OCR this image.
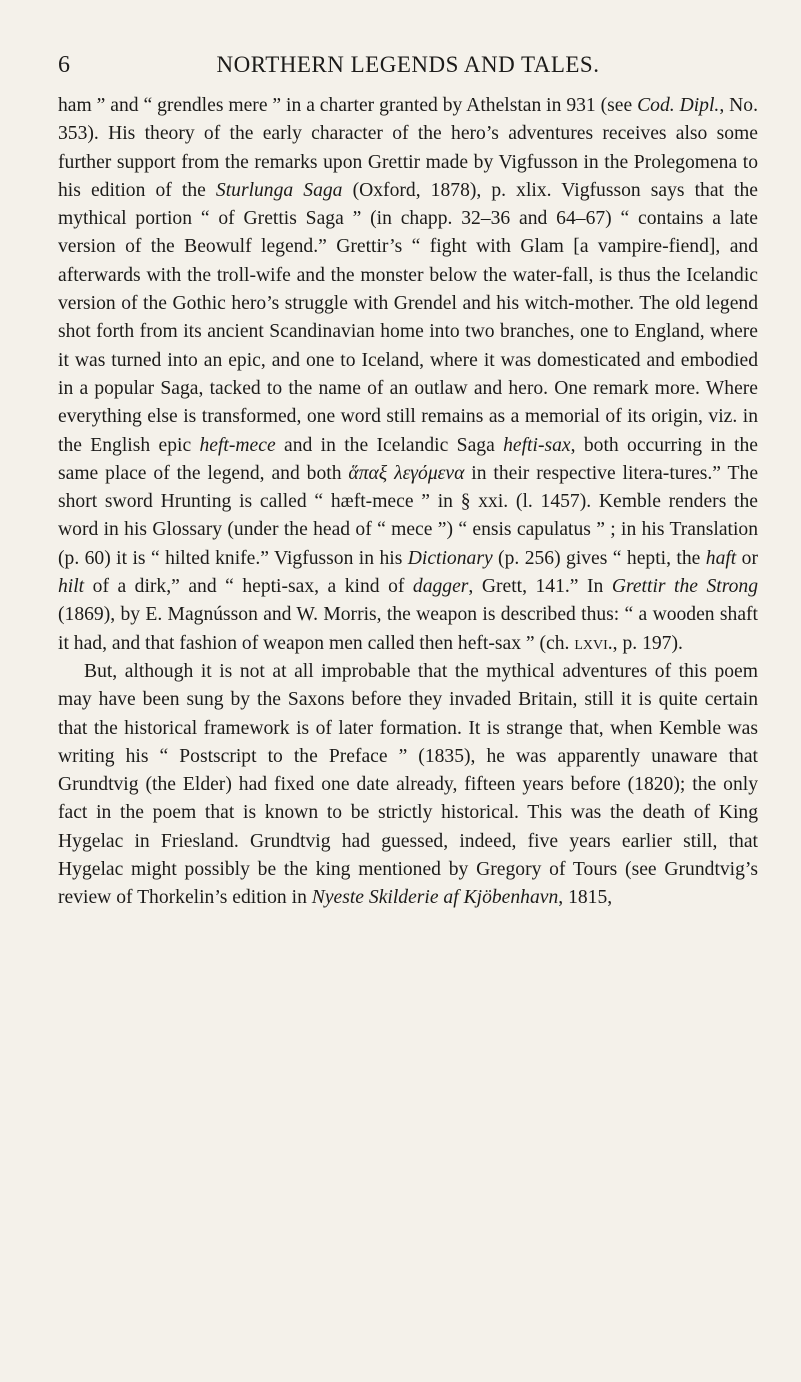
6	NORTHERN LEGENDS AND TALES.

ham ” and “ grendles mere ” in a charter granted by Athelstan in 931 (see Cod. Dipl., No. 353). His theory of the early character of the hero’s adventures receives also some further support from the remarks upon Grettir made by Vigfusson in the Prolegomena to his edition of the Sturlunga Saga (Oxford, 1878), p. xlix. Vigfusson says that the mythical portion “ of Grettis Saga ” (in chapp. 32–36 and 64–67) “ contains a late version of the Beowulf legend.” Grettir’s “ fight with Glam [a vampire-fiend], and afterwards with the troll-wife and the monster below the water-fall, is thus the Icelandic version of the Gothic hero’s struggle with Grendel and his witch-mother. The old legend shot forth from its ancient Scandinavian home into two branches, one to England, where it was turned into an epic, and one to Iceland, where it was domesticated and embodied in a popular Saga, tacked to the name of an outlaw and hero. One remark more. Where everything else is transformed, one word still remains as a memorial of its origin, viz. in the English epic heft-mece and in the Icelandic Saga hefti-sax, both occurring in the same place of the legend, and both ἅπαξ λεγόμενα in their respective litera-tures.” The short sword Hrunting is called “ hæft-mece ” in § xxi. (l. 1457). Kemble renders the word in his Glossary (under the head of “ mece ”) “ ensis capulatus ” ; in his Translation (p. 60) it is “ hilted knife.” Vigfusson in his Dictionary (p. 256) gives “ hepti, the haft or hilt of a dirk,” and “ hepti-sax, a kind of dagger, Grett, 141.” In Grettir the Strong (1869), by E. Magnússon and W. Morris, the weapon is described thus: “ a wooden shaft it had, and that fashion of weapon men called then heft-sax ” (ch. lxvi., p. 197).

But, although it is not at all improbable that the mythical adventures of this poem may have been sung by the Saxons before they invaded Britain, still it is quite certain that the historical framework is of later formation. It is strange that, when Kemble was writing his “ Postscript to the Preface ” (1835), he was apparently unaware that Grundtvig (the Elder) had fixed one date already, fifteen years before (1820); the only fact in the poem that is known to be strictly historical. This was the death of King Hygelac in Friesland. Grundtvig had guessed, indeed, five years earlier still, that Hygelac might possibly be the king mentioned by Gregory of Tours (see Grundtvig’s review of Thorkelin’s edition in Nyeste Skilderie af Kjöbenhavn, 1815,
